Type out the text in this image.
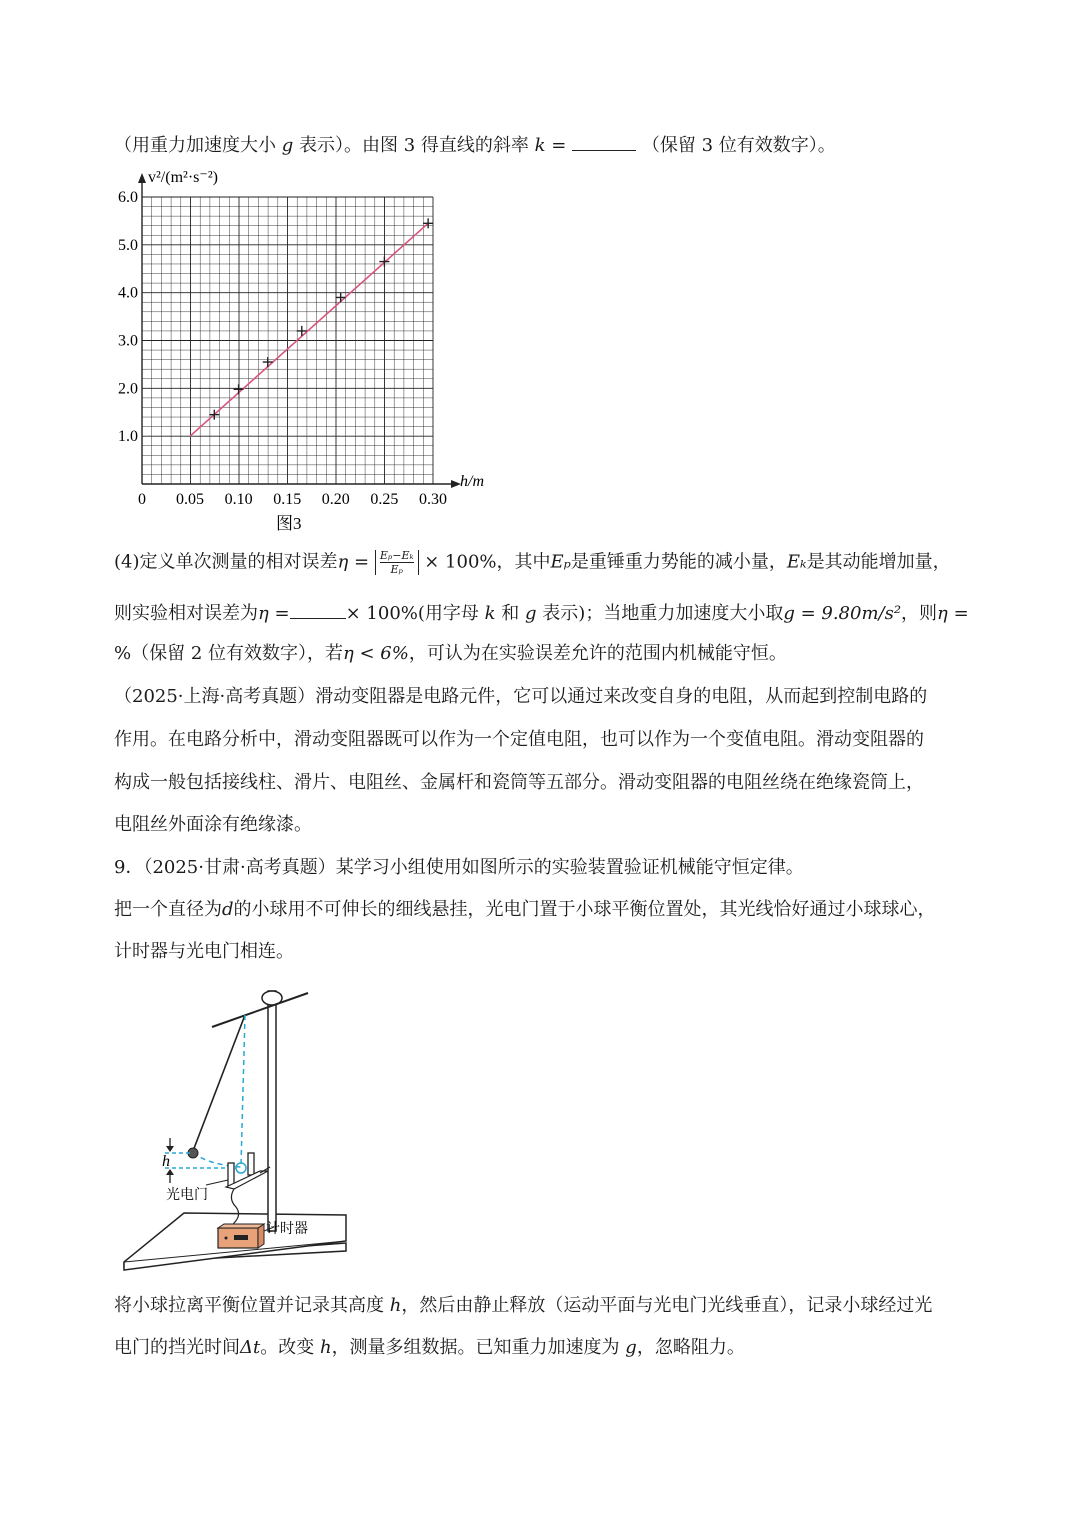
（用重力加速度大小 g 表示）。由图 3 得直线的斜率 k =	（保留 3 位有效数字）。
0 0.05 0.10 0.15 0.20 0.25 0.30
1.0
2.0
3.0
4.0
5.0
6.0
v²/(m²·s⁻²)
h/m
图3
(4)定义单次测量的相对误差$\eta = \frac{\text{Eₚ−Eₖ}}{\text{Eₚ}} \times 100\%$，其中Eₚ是重锤重力势能的减小量，Eₖ是其动能增加量，
则实验相对误差为η =	× 100%(用字母 k 和 g 表示)；当地重力加速度大小取g = 9.80m/s²，则η =
%（保留 2 位有效数字），若η < 6%，可认为在实验误差允许的范围内机械能守恒。
（2025·上海·高考真题）滑动变阻器是电路元件，它可以通过来改变自身的电阻，从而起到控制电路的
作用。在电路分析中，滑动变阻器既可以作为一个定值电阻，也可以作为一个变值电阻。滑动变阻器的
构成一般包括接线柱、滑片、电阻丝、金属杆和瓷筒等五部分。滑动变阻器的电阻丝绕在绝缘瓷筒上，
电阻丝外面涂有绝缘漆。
9．（2025·甘肃·高考真题）某学习小组使用如图所示的实验装置验证机械能守恒定律。
把一个直径为d的小球用不可伸长的细线悬挂，光电门置于小球平衡位置处，其光线恰好通过小球球心，
计时器与光电门相连。
h
光电门
计时器
将小球拉离平衡位置并记录其高度 h，然后由静止释放（运动平面与光电门光线垂直），记录小球经过光
电门的挡光时间Δt。改变 h，测量多组数据。已知重力加速度为 g，忽略阻力。
